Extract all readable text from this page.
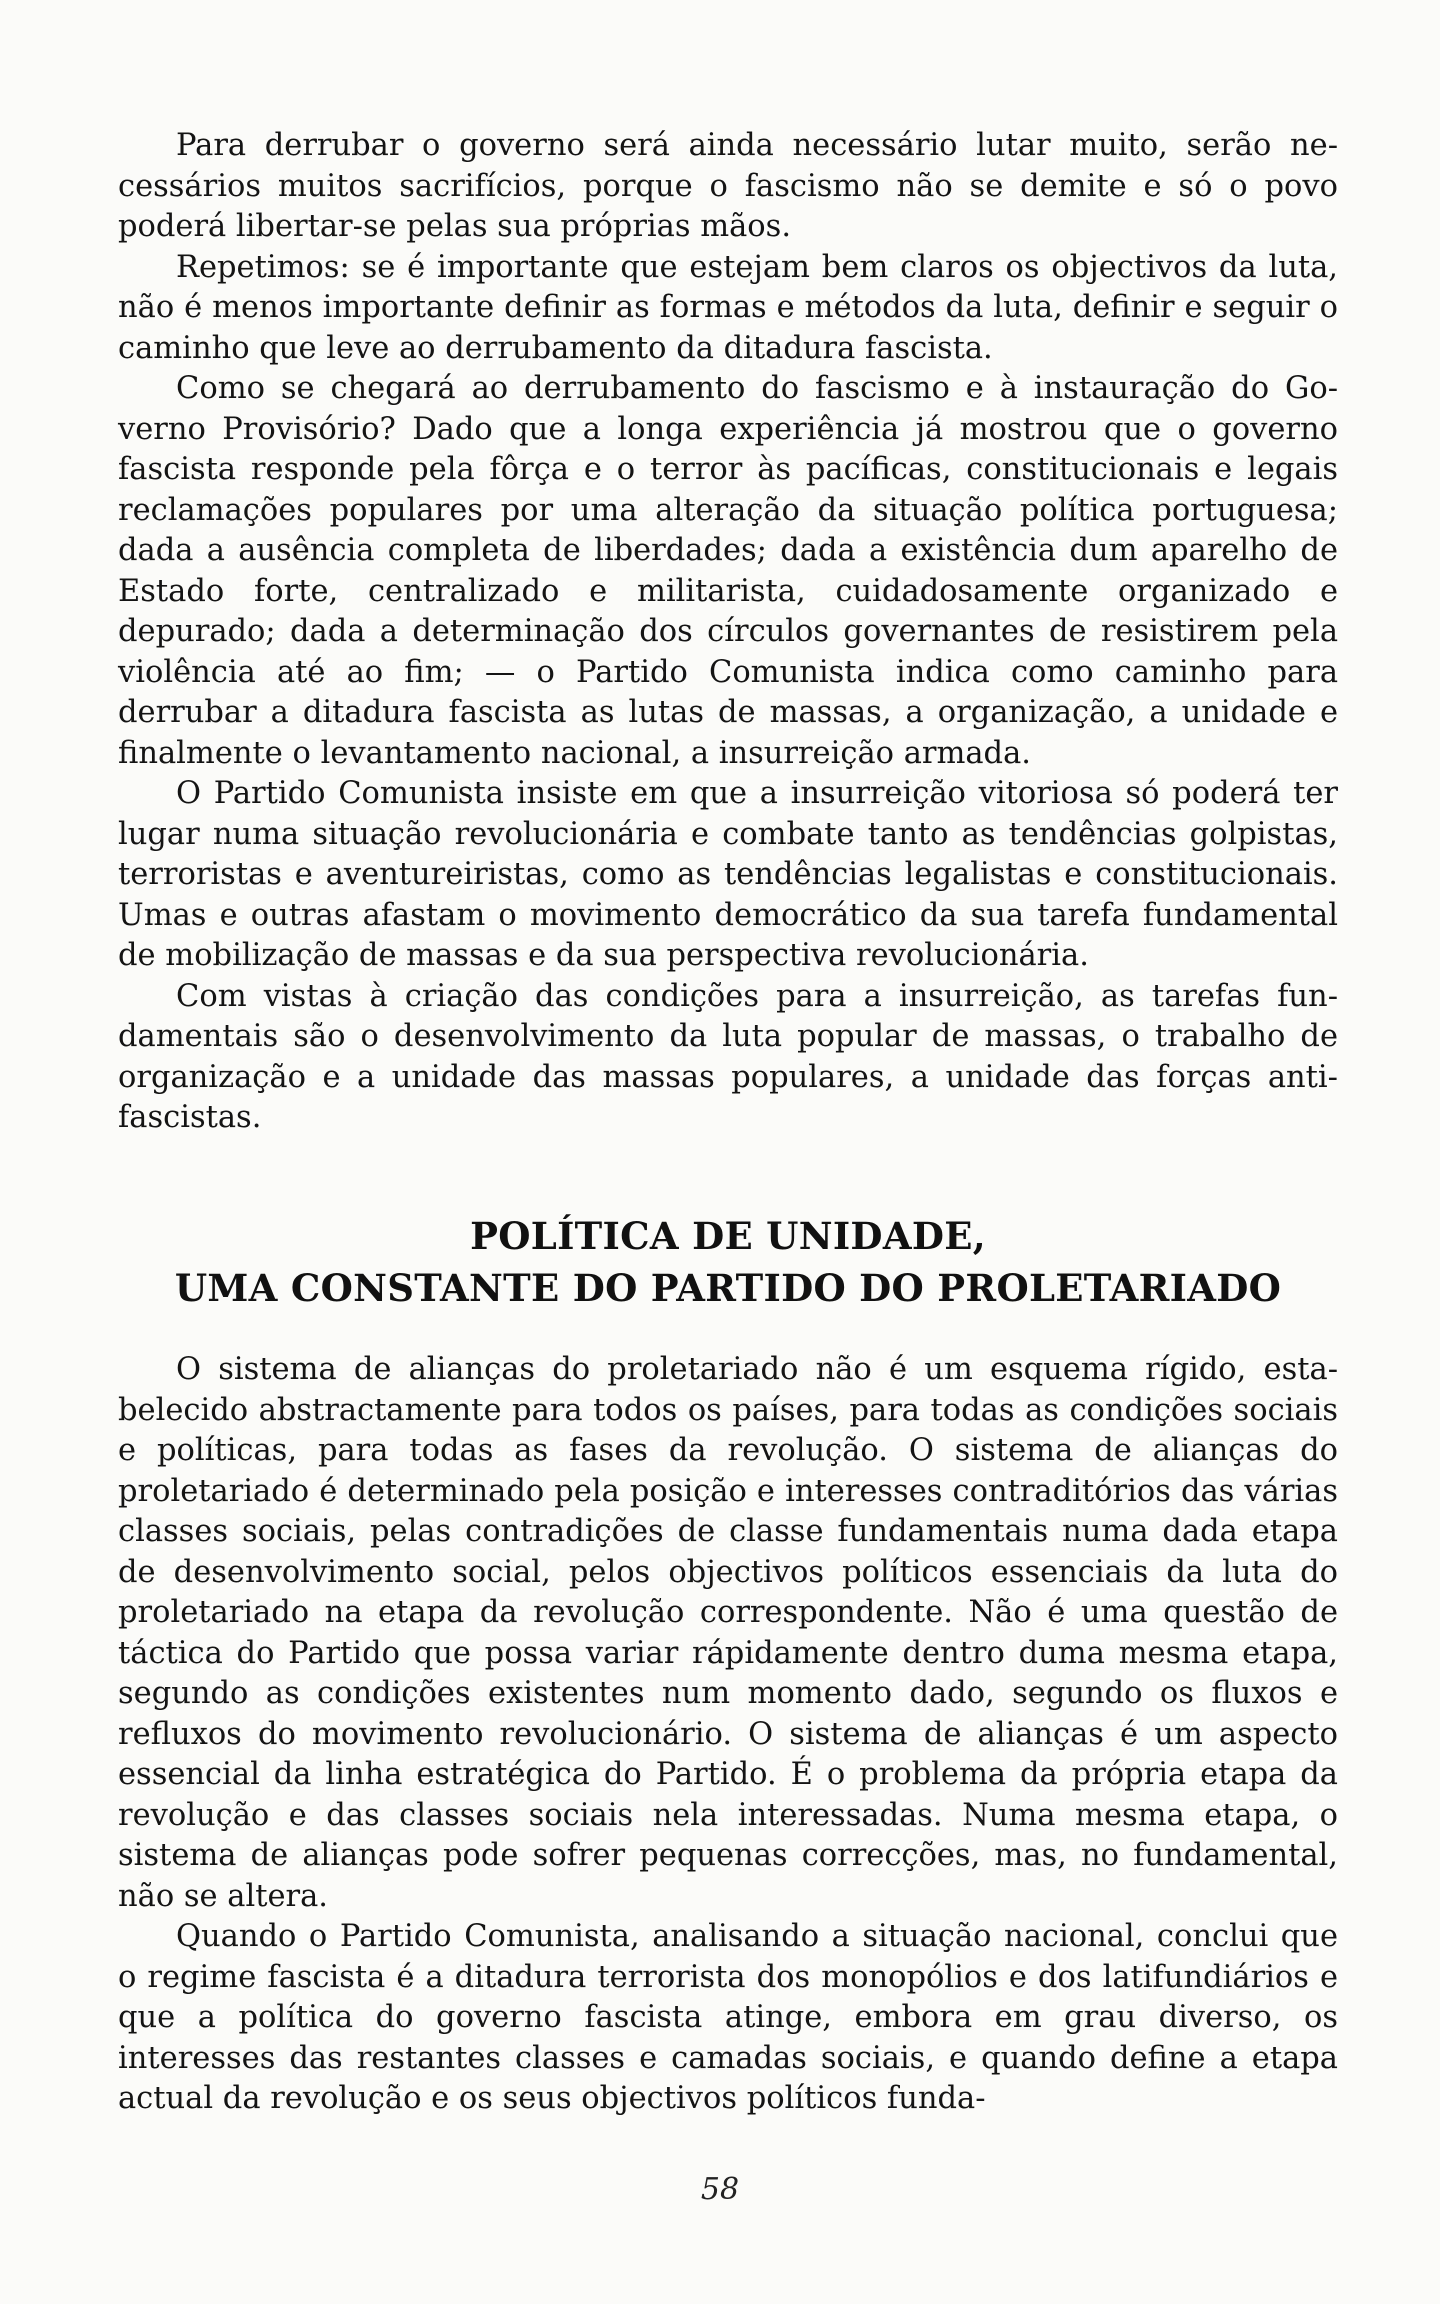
Para derrubar o governo será ainda necessário lutar muito, serão necessários muitos sacrifícios, porque o fascismo não se demite e só o povo poderá libertar-se pelas sua próprias mãos.

Repetimos: se é importante que estejam bem claros os objectivos da luta, não é menos importante definir as formas e métodos da luta, definir e seguir o caminho que leve ao derrubamento da ditadura fascista.

Como se chegará ao derrubamento do fascismo e à instauração do Governo Provisório? Dado que a longa experiência já mostrou que o governo fascista responde pela fôrça e o terror às pacíficas, constitucionais e legais reclamações populares por uma alteração da situação política portuguesa; dada a ausência completa de liberdades; dada a existência dum aparelho de Estado forte, centralizado e militarista, cuidadosamente organizado e depurado; dada a determinação dos círculos governantes de resistirem pela violência até ao fim; — o Partido Comunista indica como caminho para derrubar a ditadura fascista as lutas de massas, a organização, a unidade e finalmente o levantamento nacional, a insurreição armada.

O Partido Comunista insiste em que a insurreição vitoriosa só poderá ter lugar numa situação revolucionária e combate tanto as tendências golpistas, terroristas e aventureiristas, como as tendências legalistas e constitucionais. Umas e outras afastam o movimento democrático da sua tarefa fundamental de mobilização de massas e da sua perspectiva revolucionária.

Com vistas à criação das condições para a insurreição, as tarefas fundamentais são o desenvolvimento da luta popular de massas, o trabalho de organização e a unidade das massas populares, a unidade das forças anti-fascistas.

POLÍTICA DE UNIDADE,
UMA CONSTANTE DO PARTIDO DO PROLETARIADO

O sistema de alianças do proletariado não é um esquema rígido, estabelecido abstractamente para todos os países, para todas as condições sociais e políticas, para todas as fases da revolução. O sistema de alianças do proletariado é determinado pela posição e interesses contraditórios das várias classes sociais, pelas contradições de classe fundamentais numa dada etapa de desenvolvimento social, pelos objectivos políticos essenciais da luta do proletariado na etapa da revolução correspondente. Não é uma questão de táctica do Partido que possa variar rápidamente dentro duma mesma etapa, segundo as condições existentes num momento dado, segundo os fluxos e refluxos do movimento revolucionário. O sistema de alianças é um aspecto essencial da linha estratégica do Partido. É o problema da própria etapa da revolução e das classes sociais nela interessadas. Numa mesma etapa, o sistema de alianças pode sofrer pequenas correcções, mas, no fundamental, não se altera.

Quando o Partido Comunista, analisando a situação nacional, conclui que o regime fascista é a ditadura terrorista dos monopólios e dos latifundiários e que a política do governo fascista atinge, embora em grau diverso, os interesses das restantes classes e camadas sociais, e quando define a etapa actual da revolução e os seus objectivos políticos funda-

58
